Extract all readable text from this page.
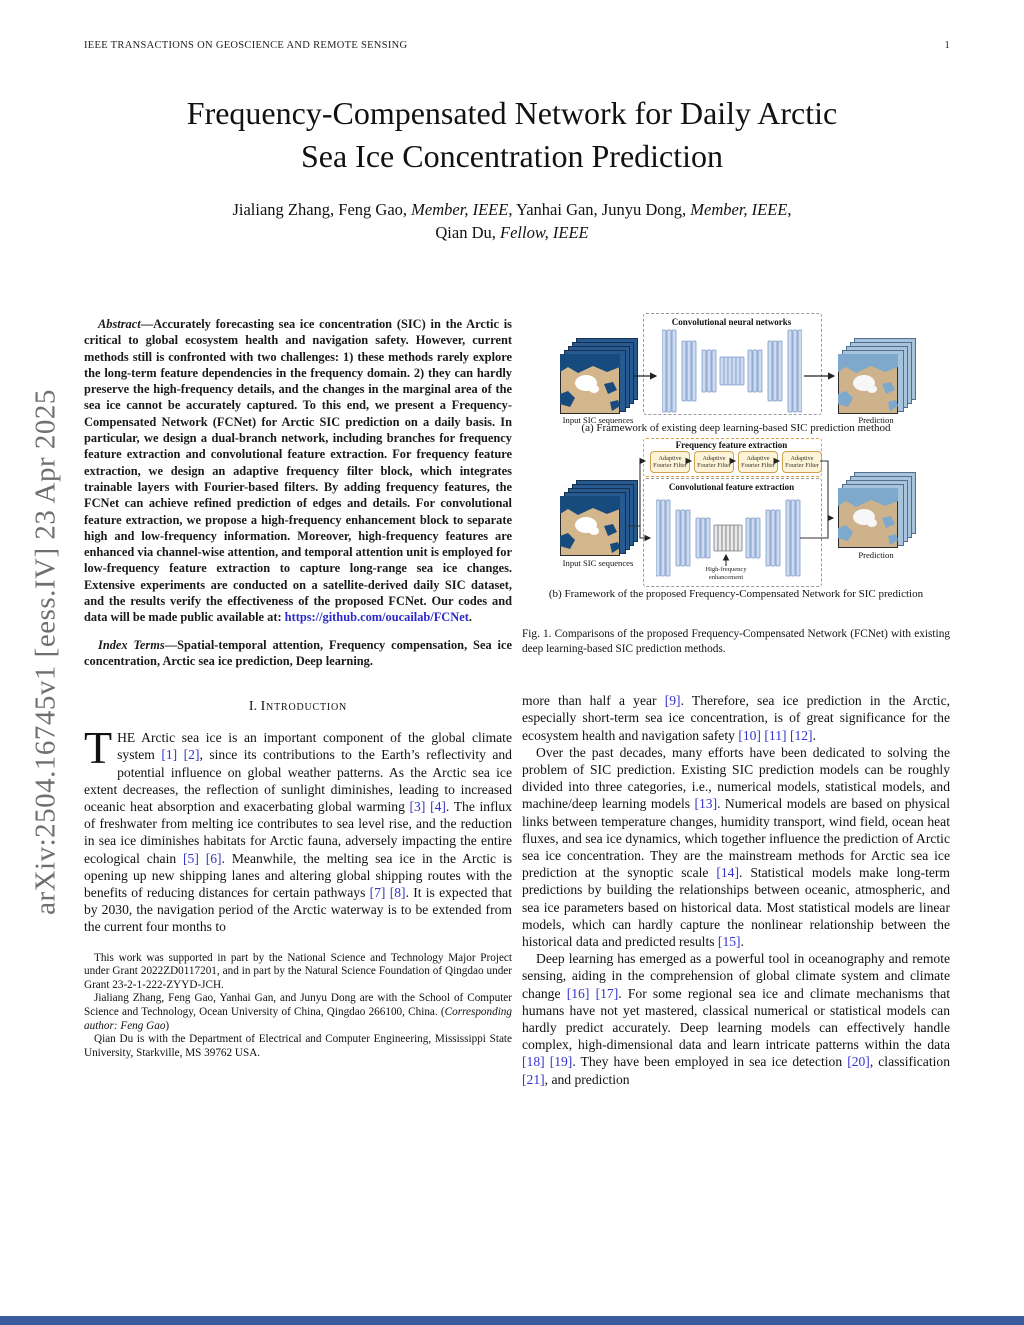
IEEE TRANSACTIONS ON GEOSCIENCE AND REMOTE SENSING	1
Frequency-Compensated Network for Daily Arctic
Sea Ice Concentration Prediction
Jialiang Zhang, Feng Gao, Member, IEEE, Yanhai Gan, Junyu Dong, Member, IEEE,
Qian Du, Fellow, IEEE
arXiv:2504.16745v1 [eess.IV] 23 Apr 2025

Abstract—Accurately forecasting sea ice concentration (SIC) in the Arctic is critical to global ecosystem health and navigation safety. However, current methods still is confronted with two challenges: 1) these methods rarely explore the long-term feature dependencies in the frequency domain. 2) they can hardly preserve the high-frequency details, and the changes in the marginal area of the sea ice cannot be accurately captured. To this end, we present a Frequency-Compensated Network (FCNet) for Arctic SIC prediction on a daily basis. In particular, we design a dual-branch network, including branches for frequency feature extraction and convolutional feature extraction. For frequency feature extraction, we design an adaptive frequency filter block, which integrates trainable layers with Fourier-based filters. By adding frequency features, the FCNet can achieve refined prediction of edges and details. For convolutional feature extraction, we propose a high-frequency enhancement block to separate high and low-frequency information. Moreover, high-frequency features are enhanced via channel-wise attention, and temporal attention unit is employed for low-frequency feature extraction to capture long-range sea ice changes. Extensive experiments are conducted on a satellite-derived daily SIC dataset, and the results verify the effectiveness of the proposed FCNet. Our codes and data will be made public available at: https://github.com/oucailab/FCNet.

Index Terms—Spatial-temporal attention, Frequency compensation, Sea ice concentration, Arctic sea ice prediction, Deep learning.

I. Introduction

THE Arctic sea ice is an important component of the global climate system [1] [2], since its contributions to the Earth’s reflectivity and potential influence on global weather patterns. As the Arctic sea ice extent decreases, the reflection of sunlight diminishes, leading to increased oceanic heat absorption and exacerbating global warming [3] [4]. The influx of freshwater from melting ice contributes to sea level rise, and the reduction in sea ice diminishes habitats for Arctic fauna, adversely impacting the entire ecological chain [5] [6]. Meanwhile, the melting sea ice in the Arctic is opening up new shipping lanes and altering global shipping routes with the benefits of reducing distances for certain pathways [7] [8]. It is expected that by 2030, the navigation period of the Arctic waterway is to be extended from the current four months to

This work was supported in part by the National Science and Technology Major Project under Grant 2022ZD0117201, and in part by the Natural Science Foundation of Qingdao under Grant 23-2-1-222-ZYYD-JCH.

Jialiang Zhang, Feng Gao, Yanhai Gan, and Junyu Dong are with the School of Computer Science and Technology, Ocean University of China, Qingdao 266100, China. (Corresponding author: Feng Gao)

Qian Du is with the Department of Electrical and Computer Engineering, Mississippi State University, Starkville, MS 39762 USA.

Convolutional neural networks
Input SIC sequences	Prediction
(a) Framework of existing deep learning-based SIC prediction method
Frequency feature extraction
Adaptive
Fourier Filter
Adaptive
Fourier Filter
Adaptive
Fourier Filter
Adaptive
Fourier Filter
Convolutional feature extraction
Input SIC sequences
Prediction
High-frequency
enhancement
(b) Framework of the proposed Frequency-Compensated Network for SIC prediction

Fig. 1. Comparisons of the proposed Frequency-Compensated Network (FCNet) with existing deep learning-based SIC prediction methods.

more than half a year [9]. Therefore, sea ice prediction in the Arctic, especially short-term sea ice concentration, is of great significance for the ecosystem health and navigation safety [10] [11] [12].

Over the past decades, many efforts have been dedicated to solving the problem of SIC prediction. Existing SIC prediction models can be roughly divided into three categories, i.e., numerical models, statistical models, and machine/deep learning models [13]. Numerical models are based on physical links between temperature changes, humidity transport, wind field, ocean heat fluxes, and sea ice dynamics, which together influence the prediction of Arctic sea ice concentration. They are the mainstream methods for Arctic sea ice prediction at the synoptic scale [14]. Statistical models make long-term predictions by building the relationships between oceanic, atmospheric, and sea ice parameters based on historical data. Most statistical models are linear models, which can hardly capture the nonlinear relationship between the historical data and predicted results [15].

Deep learning has emerged as a powerful tool in oceanography and remote sensing, aiding in the comprehension of global climate system and climate change [16] [17]. For some regional sea ice and climate mechanisms that humans have not yet mastered, classical numerical or statistical models can hardly predict accurately. Deep learning models can effectively handle complex, high-dimensional data and learn intricate patterns within the data [18] [19]. They have been employed in sea ice detection [20], classification [21], and prediction
